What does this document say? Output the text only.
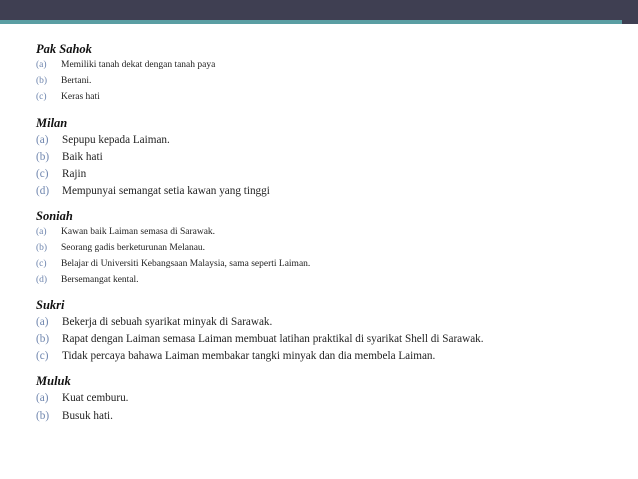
Pak Sahok
(a)	Memiliki tanah dekat dengan tanah paya
(b)	Bertani.
(c)	Keras hati
Milan
(a)	Sepupu kepada Laiman.
(b)	Baik hati
(c)	Rajin
(d)	Mempunyai semangat setia kawan yang tinggi
Soniah
(a)	Kawan baik Laiman semasa di Sarawak.
(b)	Seorang gadis berketurunan Melanau.
(c)	Belajar di Universiti Kebangsaan Malaysia, sama seperti Laiman.
(d)	Bersemangat kental.
Sukri
(a)	Bekerja di sebuah syarikat minyak di Sarawak.
(b)	Rapat dengan Laiman semasa Laiman membuat latihan praktikal di syarikat Shell di Sarawak.
(c)	Tidak percaya bahawa Laiman membakar tangki minyak dan dia membela Laiman.
Muluk
(a)	Kuat cemburu.
(b)	Busuk hati.
